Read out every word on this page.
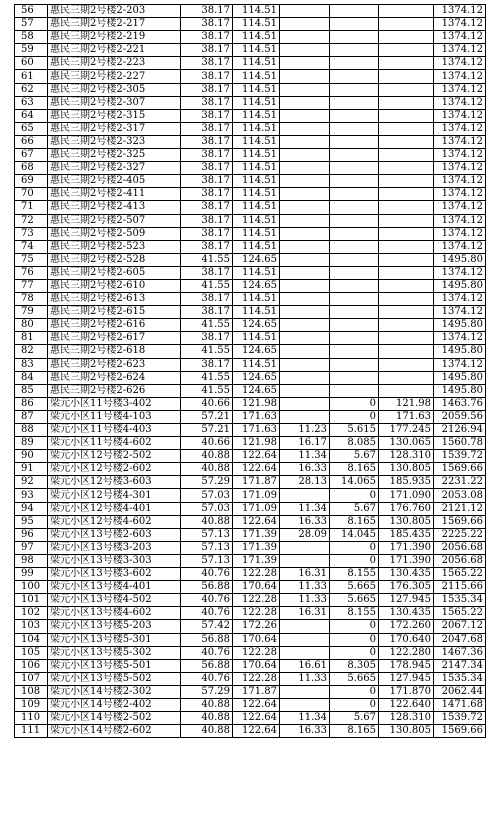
56	惠民三期2号楼2-203	38.17	114.51				1374.12
57	惠民三期2号楼2-217	38.17	114.51				1374.12
58	惠民三期2号楼2-219	38.17	114.51				1374.12
59	惠民三期2号楼2-221	38.17	114.51				1374.12
60	惠民三期2号楼2-223	38.17	114.51				1374.12
61	惠民三期2号楼2-227	38.17	114.51				1374.12
62	惠民三期2号楼2-305	38.17	114.51				1374.12
63	惠民三期2号楼2-307	38.17	114.51				1374.12
64	惠民三期2号楼2-315	38.17	114.51				1374.12
65	惠民三期2号楼2-317	38.17	114.51				1374.12
66	惠民三期2号楼2-323	38.17	114.51				1374.12
67	惠民三期2号楼2-325	38.17	114.51				1374.12
68	惠民三期2号楼2-327	38.17	114.51				1374.12
69	惠民三期2号楼2-405	38.17	114.51				1374.12
70	惠民三期2号楼2-411	38.17	114.51				1374.12
71	惠民三期2号楼2-413	38.17	114.51				1374.12
72	惠民三期2号楼2-507	38.17	114.51				1374.12
73	惠民三期2号楼2-509	38.17	114.51				1374.12
74	惠民三期2号楼2-523	38.17	114.51				1374.12
75	惠民三期2号楼2-528	41.55	124.65				1495.80
76	惠民三期2号楼2-605	38.17	114.51				1374.12
77	惠民三期2号楼2-610	41.55	124.65				1495.80
78	惠民三期2号楼2-613	38.17	114.51				1374.12
79	惠民三期2号楼2-615	38.17	114.51				1374.12
80	惠民三期2号楼2-616	41.55	124.65				1495.80
81	惠民三期2号楼2-617	38.17	114.51				1374.12
82	惠民三期2号楼2-618	41.55	124.65				1495.80
83	惠民三期2号楼2-623	38.17	114.51				1374.12
84	惠民三期2号楼2-624	41.55	124.65				1495.80
85	惠民三期2号楼2-626	41.55	124.65				1495.80
86	梁元小区11号楼3-402	40.66	121.98		0	121.98	1463.76
87	梁元小区11号楼4-103	57.21	171.63		0	171.63	2059.56
88	梁元小区11号楼4-403	57.21	171.63	11.23	5.615	177.245	2126.94
89	梁元小区11号楼4-602	40.66	121.98	16.17	8.085	130.065	1560.78
90	梁元小区12号楼2-502	40.88	122.64	11.34	5.67	128.310	1539.72
91	梁元小区12号楼2-602	40.88	122.64	16.33	8.165	130.805	1569.66
92	梁元小区12号楼3-603	57.29	171.87	28.13	14.065	185.935	2231.22
93	梁元小区12号楼4-301	57.03	171.09		0	171.090	2053.08
94	梁元小区12号楼4-401	57.03	171.09	11.34	5.67	176.760	2121.12
95	梁元小区12号楼4-602	40.88	122.64	16.33	8.165	130.805	1569.66
96	梁元小区13号楼2-603	57.13	171.39	28.09	14.045	185.435	2225.22
97	梁元小区13号楼3-203	57.13	171.39		0	171.390	2056.68
98	梁元小区13号楼3-303	57.13	171.39		0	171.390	2056.68
99	梁元小区13号楼3-602	40.76	122.28	16.31	8.155	130.435	1565.22
100	梁元小区13号楼4-401	56.88	170.64	11.33	5.665	176.305	2115.66
101	梁元小区13号楼4-502	40.76	122.28	11.33	5.665	127.945	1535.34
102	梁元小区13号楼4-602	40.76	122.28	16.31	8.155	130.435	1565.22
103	梁元小区13号楼5-203	57.42	172.26		0	172.260	2067.12
104	梁元小区13号楼5-301	56.88	170.64		0	170.640	2047.68
105	梁元小区13号楼5-302	40.76	122.28		0	122.280	1467.36
106	梁元小区13号楼5-501	56.88	170.64	16.61	8.305	178.945	2147.34
107	梁元小区13号楼5-502	40.76	122.28	11.33	5.665	127.945	1535.34
108	梁元小区14号楼2-302	57.29	171.87		0	171.870	2062.44
109	梁元小区14号楼2-402	40.88	122.64		0	122.640	1471.68
110	梁元小区14号楼2-502	40.88	122.64	11.34	5.67	128.310	1539.72
111	梁元小区14号楼2-602	40.88	122.64	16.33	8.165	130.805	1569.66
